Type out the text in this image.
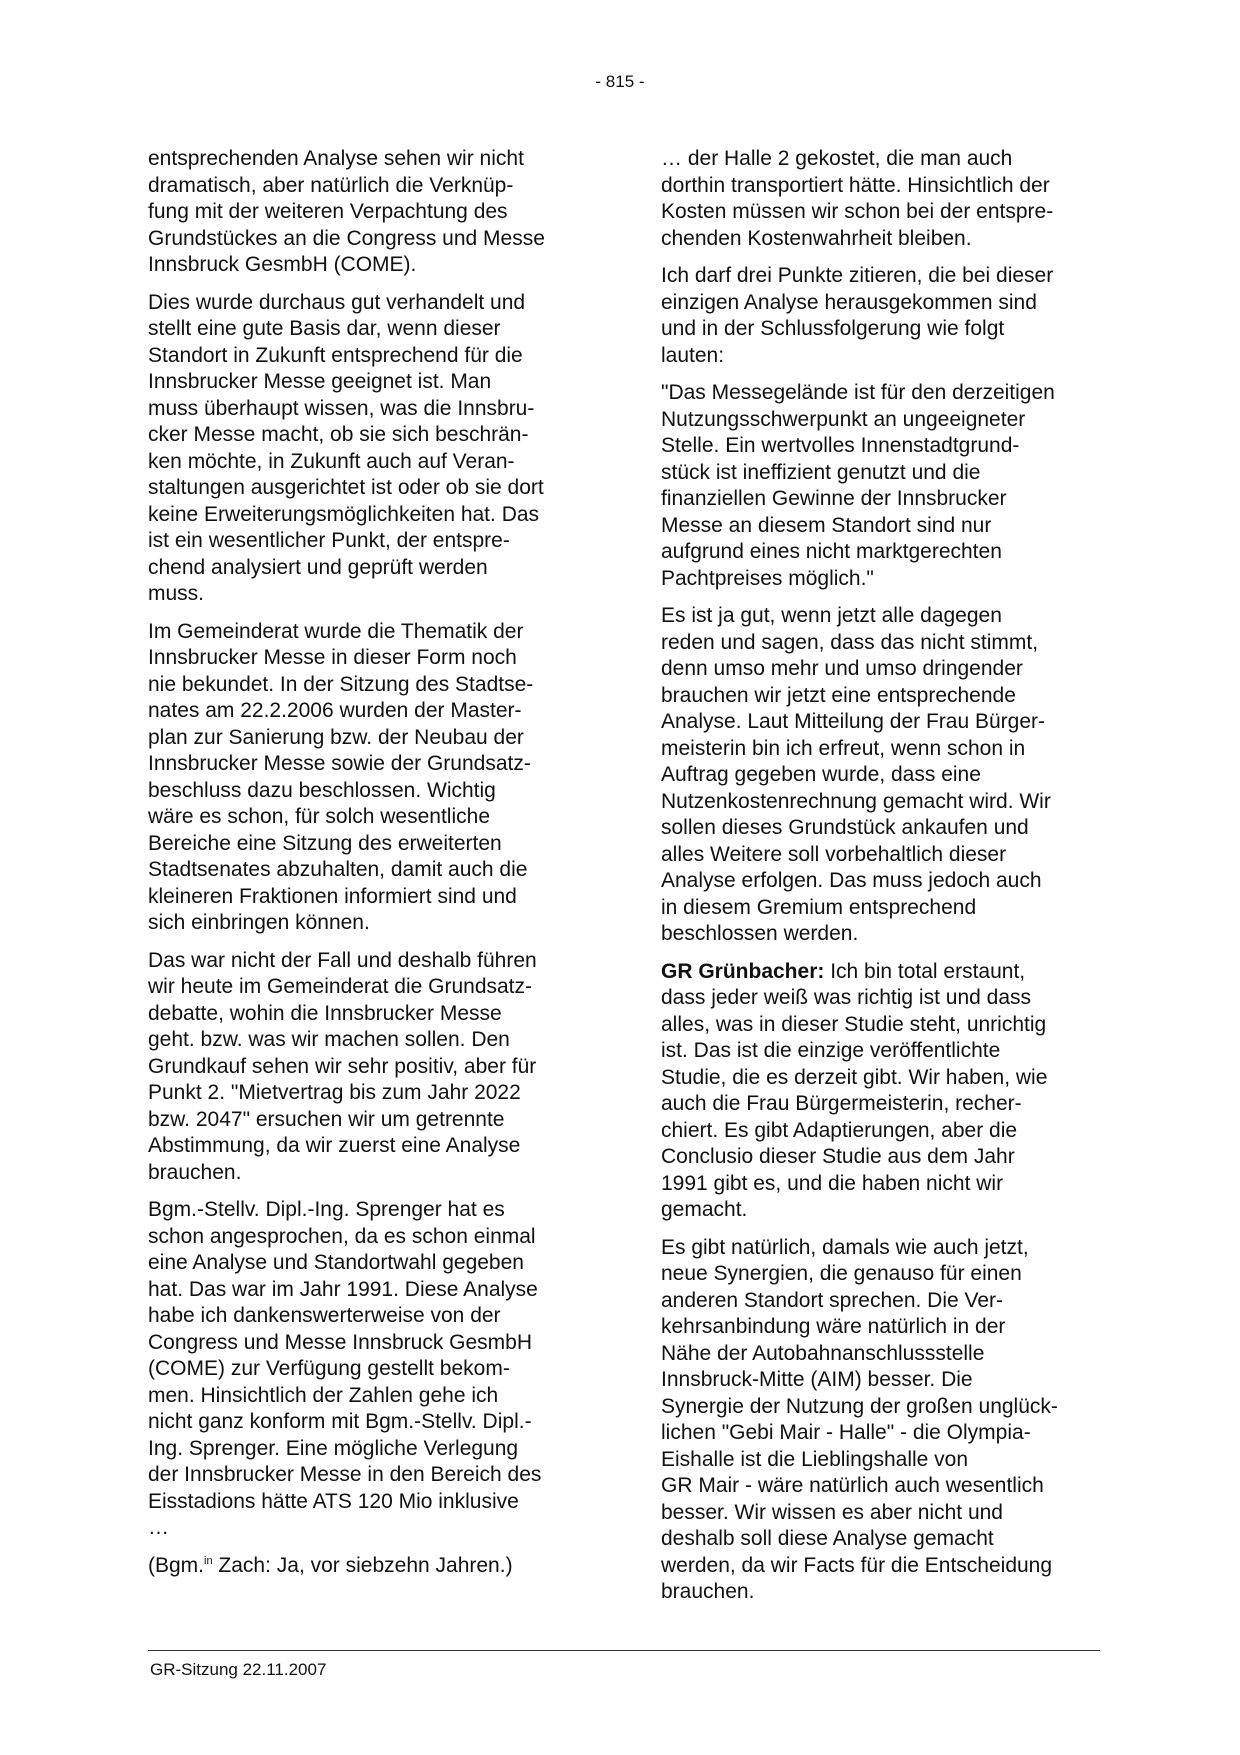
- 815 -

entsprechenden Analyse sehen wir nicht
dramatisch, aber natürlich die Verknüp-
fung mit der weiteren Verpachtung des
Grundstückes an die Congress und Messe
Innsbruck GesmbH (COME).

Dies wurde durchaus gut verhandelt und
stellt eine gute Basis dar, wenn dieser
Standort in Zukunft entsprechend für die
Innsbrucker Messe geeignet ist. Man
muss überhaupt wissen, was die Innsbru-
cker Messe macht, ob sie sich beschrän-
ken möchte, in Zukunft auch auf Veran-
staltungen ausgerichtet ist oder ob sie dort
keine Erweiterungsmöglichkeiten hat. Das
ist ein wesentlicher Punkt, der entspre-
chend analysiert und geprüft werden
muss.

Im Gemeinderat wurde die Thematik der
Innsbrucker Messe in dieser Form noch
nie bekundet. In der Sitzung des Stadtse-
nates am 22.2.2006 wurden der Master-
plan zur Sanierung bzw. der Neubau der
Innsbrucker Messe sowie der Grundsatz-
beschluss dazu beschlossen. Wichtig
wäre es schon, für solch wesentliche
Bereiche eine Sitzung des erweiterten
Stadtsenates abzuhalten, damit auch die
kleineren Fraktionen informiert sind und
sich einbringen können.

Das war nicht der Fall und deshalb führen
wir heute im Gemeinderat die Grundsatz-
debatte, wohin die Innsbrucker Messe
geht. bzw. was wir machen sollen. Den
Grundkauf sehen wir sehr positiv, aber für
Punkt 2. "Mietvertrag bis zum Jahr 2022
bzw. 2047" ersuchen wir um getrennte
Abstimmung, da wir zuerst eine Analyse
brauchen.

Bgm.-Stellv. Dipl.-Ing. Sprenger hat es
schon angesprochen, da es schon einmal
eine Analyse und Standortwahl gegeben
hat. Das war im Jahr 1991. Diese Analyse
habe ich dankenswerterweise von der
Congress und Messe Innsbruck GesmbH
(COME) zur Verfügung gestellt bekom-
men. Hinsichtlich der Zahlen gehe ich
nicht ganz konform mit Bgm.-Stellv. Dipl.-
Ing. Sprenger. Eine mögliche Verlegung
der Innsbrucker Messe in den Bereich des
Eisstadions hätte ATS 120 Mio inklusive
…

(Bgm.$^{in}$ Zach: Ja, vor siebzehn Jahren.)

… der Halle 2 gekostet, die man auch
dorthin transportiert hätte. Hinsichtlich der
Kosten müssen wir schon bei der entspre-
chenden Kostenwahrheit bleiben.

Ich darf drei Punkte zitieren, die bei dieser
einzigen Analyse herausgekommen sind
und in der Schlussfolgerung wie folgt
lauten:

"Das Messegelände ist für den derzeitigen
Nutzungsschwerpunkt an ungeeigneter
Stelle. Ein wertvolles Innenstadtgrund-
stück ist ineffizient genutzt und die
finanziellen Gewinne der Innsbrucker
Messe an diesem Standort sind nur
aufgrund eines nicht marktgerechten
Pachtpreises möglich."

Es ist ja gut, wenn jetzt alle dagegen
reden und sagen, dass das nicht stimmt,
denn umso mehr und umso dringender
brauchen wir jetzt eine entsprechende
Analyse. Laut Mitteilung der Frau Bürger-
meisterin bin ich erfreut, wenn schon in
Auftrag gegeben wurde, dass eine
Nutzenkostenrechnung gemacht wird. Wir
sollen dieses Grundstück ankaufen und
alles Weitere soll vorbehaltlich dieser
Analyse erfolgen. Das muss jedoch auch
in diesem Gremium entsprechend
beschlossen werden.

GR Grünbacher: Ich bin total erstaunt,
dass jeder weiß was richtig ist und dass
alles, was in dieser Studie steht, unrichtig
ist. Das ist die einzige veröffentlichte
Studie, die es derzeit gibt. Wir haben, wie
auch die Frau Bürgermeisterin, recher-
chiert. Es gibt Adaptierungen, aber die
Conclusio dieser Studie aus dem Jahr
1991 gibt es, und die haben nicht wir
gemacht.

Es gibt natürlich, damals wie auch jetzt,
neue Synergien, die genauso für einen
anderen Standort sprechen. Die Ver-
kehrsanbindung wäre natürlich in der
Nähe der Autobahnanschlussstelle
Innsbruck-Mitte (AIM) besser. Die
Synergie der Nutzung der großen unglück-
lichen "Gebi Mair - Halle" - die Olympia-
Eishalle ist die Lieblingshalle von
GR Mair - wäre natürlich auch wesentlich
besser. Wir wissen es aber nicht und
deshalb soll diese Analyse gemacht
werden, da wir Facts für die Entscheidung
brauchen.

GR-Sitzung 22.11.2007
